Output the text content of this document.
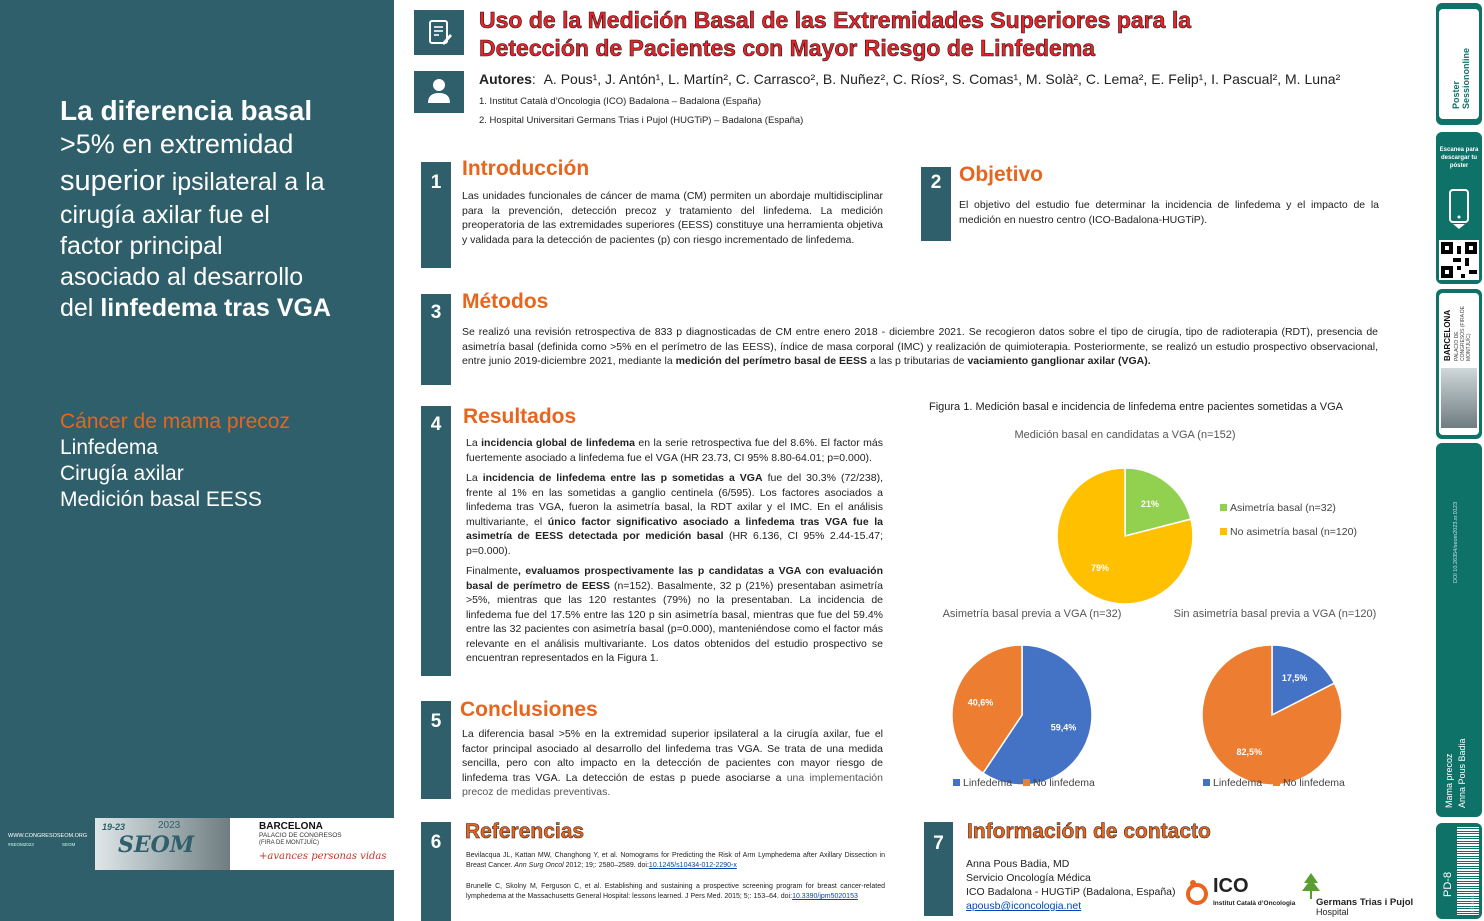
La diferencia basal
>5% en extremidad
superior ipsilateral a la
cirugía axilar fue el
factor principal
asociado al desarrollo
del linfedema tras VGA
Cáncer de mama precoz
Linfedema
Cirugía axilar
Medición basal EESS
WWW.CONGRESOSEOM.ORG
#SEOM2023	SEOM
19-23	2023
SEOM
BARCELONA
PALACIO DE CONGRESOS
(FIRA DE MONTJUÏC)
+avances personas vidas
Uso de la Medición Basal de las Extremidades Superiores para la
Detección de Pacientes con Mayor Riesgo de Linfedema
Autores:  A. Pous¹, J. Antón¹, L. Martín², C. Carrasco², B. Nuñez², C. Ríos², S. Comas¹, M. Solà², C. Lema², E. Felip¹, I. Pascual², M. Luna²
1. Institut Català d’Oncologia (ICO) Badalona – Badalona (España)
2. Hospital Universitari Germans Trias i Pujol (HUGTiP) – Badalona (España)
1
Introducción
Las unidades funcionales de cáncer de mama (CM) permiten un abordaje multidisciplinar para la prevención, detección precoz y tratamiento del linfedema. La medición preoperatoria de las extremidades superiores (EESS) constituye una herramienta objetiva y validada para la detección de pacientes (p) con riesgo incrementado de linfedema.
2 Objetivo
El objetivo del estudio fue determinar la incidencia de linfedema y el impacto de la medición en nuestro centro (ICO-Badalona-HUGTiP).
3 Métodos
Se realizó una revisión retrospectiva de 833 p diagnosticadas de CM entre enero 2018 - diciembre 2021. Se recogieron datos sobre el tipo de cirugía, tipo de radioterapia (RDT), presencia de asimetría basal (definida como >5% en el perímetro de las EESS), índice de masa corporal (IMC) y realización de quimioterapia. Posteriormente, se realizó un estudio prospectivo observacional, entre junio 2019-diciembre 2021, mediante la medición del perímetro basal de EESS a las p tributarias de vaciamiento ganglionar axilar (VGA).
4	Resultados

La incidencia global de linfedema en la serie retrospectiva fue del 8.6%. El factor más fuertemente asociado a linfedema fue el VGA (HR 23.73, CI 95% 8.80-64.01; p=0.000).

La incidencia de linfedema entre las p sometidas a VGA fue del 30.3% (72/238), frente al 1% en las sometidas a ganglio centinela (6/595). Los factores asociados a linfedema tras VGA, fueron la asimetría basal, la RDT axilar y el IMC. En el análisis multivariante, el único factor significativo asociado a linfedema tras VGA fue la asimetría de EESS detectada por medición basal (HR 6.136, CI 95% 2.44-15.47; p=0.000).

Finalmente, evaluamos prospectivamente las p candidatas a VGA con evaluación basal de perímetro de EESS (n=152). Basalmente, 32 p (21%) presentaban asimetría >5%, mientras que las 120 restantes (79%) no la presentaban. La incidencia de linfedema fue del 17.5% entre las 120 p sin asimetría basal, mientras que fue del 59.4% entre las 32 pacientes con asimetría basal (p=0.000), manteniéndose como el factor más relevante en el análisis multivariante. Los datos obtenidos del estudio prospectivo se encuentran representados en la Figura 1.

5
Conclusiones
La diferencia basal >5% en la extremidad superior ipsilateral a la cirugía axilar, fue el factor principal asociado al desarrollo del linfedema tras VGA. Se trata de una medida sencilla, pero con alto impacto en la detección de pacientes con mayor riesgo de linfedema tras VGA. La detección de estas p puede asociarse a una implementación precoz de medidas preventivas.
6	Referencias

Bevilacqua JL, Kattan MW, Changhong Y, et al. Nomograms for Predicting the Risk of Arm Lymphedema after Axillary Dissection in Breast Cancer. Ann Surg Oncol 2012; 19;: 2580–2589. doi:10.1245/s10434-012-2290-x

Brunelle C, Skolny M, Ferguson C, et al. Establishing and sustaining a prospective screening program for breast cancer-related lymphedema at the Massachusetts General Hospital: lessons learned. J Pers Med. 2015; 5;: 153–64. doi:10.3390/jpm5020153

7
Información de contacto
Anna Pous Badia, MD
Servicio Oncología Médica
ICO Badalona - HUGTiP (Badalona, España)
apousb@iconcologia.net
ICO
Institut Català d’Oncologia Germans Trias i Pujol
Hospital
Figura 1. Medición basal e incidencia de linfedema entre pacientes sometidas a VGA
Medición basal en candidatas a VGA (n=152)
21%
79%
Asimetría basal (n=32)
No asimetría basal (n=120)
Asimetría basal previa a VGA (n=32)
59,4%
40,6%
Linfedema No linfedema
Sin asimetría basal previa a VGA (n=120)
17,5%
82,5%
Linfedema No linfedema
Poster Sessiononline
Escanea para descargar tu póster
BARCELONA PALACIO DE CONGRESOS (FIRA DE MONTJUÏC)
DOI 10.26354/seom2023.sr.0123
Mama precoz Anna Pous Badia
PD-8
SEOM2023
